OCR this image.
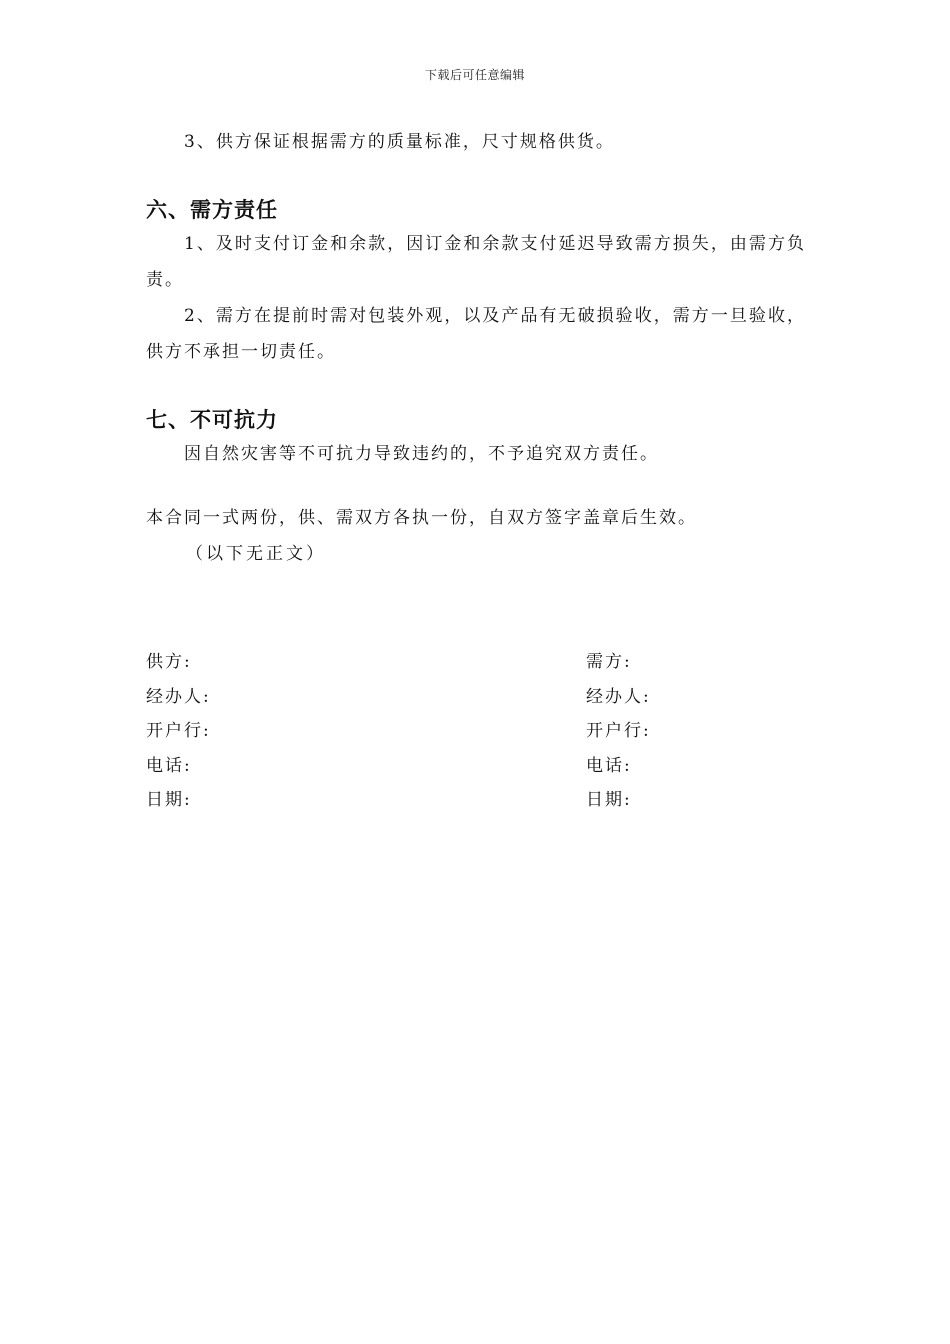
下载后可任意编辑

3、供方保证根据需方的质量标准，尺寸规格供货。

六、需方责任

1、及时支付订金和余款，因订金和余款支付延迟导致需方损失，由需方负责。

2、需方在提前时需对包装外观，以及产品有无破损验收，需方一旦验收，供方不承担一切责任。

七、不可抗力

因自然灾害等不可抗力导致违约的，不予追究双方责任。

本合同一式两份，供、需双方各执一份，自双方签字盖章后生效。

（以下无正文）

供方:
经办人:
开户行:
电话:
日期:
需方:
经办人:
开户行:
电话:
日期:
